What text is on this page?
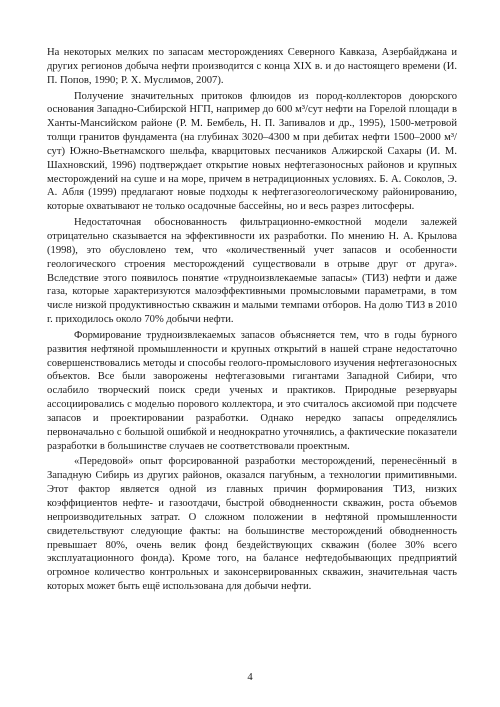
На некоторых мелких по запасам месторождениях Северного Кавказа, Азербайджана и других регионов добыча нефти производится с конца XIX в. и до настоящего времени (И. П. Попов, 1990; Р. Х. Муслимов, 2007).

Получение значительных притоков флюидов из пород-коллекторов доюрского основания Западно-Сибирской НГП, например до 600 м³/сут нефти на Горелой площади в Ханты-Мансийском районе (Р. М. Бембель, Н. П. Запивалов и др., 1995), 1500-метровой толщи гранитов фундамента (на глубинах 3020–4300 м при дебитах нефти 1500–2000 м³/сут) Южно-Вьетнамского шельфа, кварцитовых песчаников Алжирской Сахары (И. М. Шахновский, 1996) подтверждает открытие новых нефтегазоносных районов и крупных месторождений на суше и на море, причем в нетрадиционных условиях. Б. А. Соколов, Э. А. Абля (1999) предлагают новые подходы к нефтегазогеологическому районированию, которые охватывают не только осадочные бассейны, но и весь разрез литосферы.

Недостаточная обоснованность фильтрационно-емкостной модели залежей отрицательно сказывается на эффективности их разработки. По мнению Н. А. Крылова (1998), это обусловлено тем, что «количественный учет запасов и особенности геологического строения месторождений существовали в отрыве друг от друга». Вследствие этого появилось понятие «трудноизвлекаемые запасы» (ТИЗ) нефти и даже газа, которые характеризуются малоэффективными промысловыми параметрами, в том числе низкой продуктивностью скважин и малыми темпами отборов. На долю ТИЗ в 2010 г. приходилось около 70% добычи нефти.

Формирование трудноизвлекаемых запасов объясняется тем, что в годы бурного развития нефтяной промышленности и крупных открытий в нашей стране недостаточно совершенствовались методы и способы геолого-промыслового изучения нефтегазоносных объектов. Все были заворожены нефтегазовыми гигантами Западной Сибири, что ослабило творческий поиск среди ученых и практиков. Природные резервуары ассоциировались с моделью порового коллектора, и это считалось аксиомой при подсчете запасов и проектировании разработки. Однако нередко запасы определялись первоначально с большой ошибкой и неоднократно уточнялись, а фактические показатели разработки в большинстве случаев не соответствовали проектным.

«Передовой» опыт форсированной разработки месторождений, перенесённый в Западную Сибирь из других районов, оказался пагубным, а технологии примитивными. Этот фактор является одной из главных причин формирования ТИЗ, низких коэффициентов нефте- и газоотдачи, быстрой обводненности скважин, роста объемов непроизводительных затрат. О сложном положении в нефтяной промышленности свидетельствуют следующие факты: на большинстве месторождений обводненность превышает 80%, очень велик фонд бездействующих скважин (более 30% всего эксплуатационного фонда). Кроме того, на балансе нефтедобывающих предприятий огромное количество контрольных и законсервированных скважин, значительная часть которых может быть ещё использована для добычи нефти.

4
